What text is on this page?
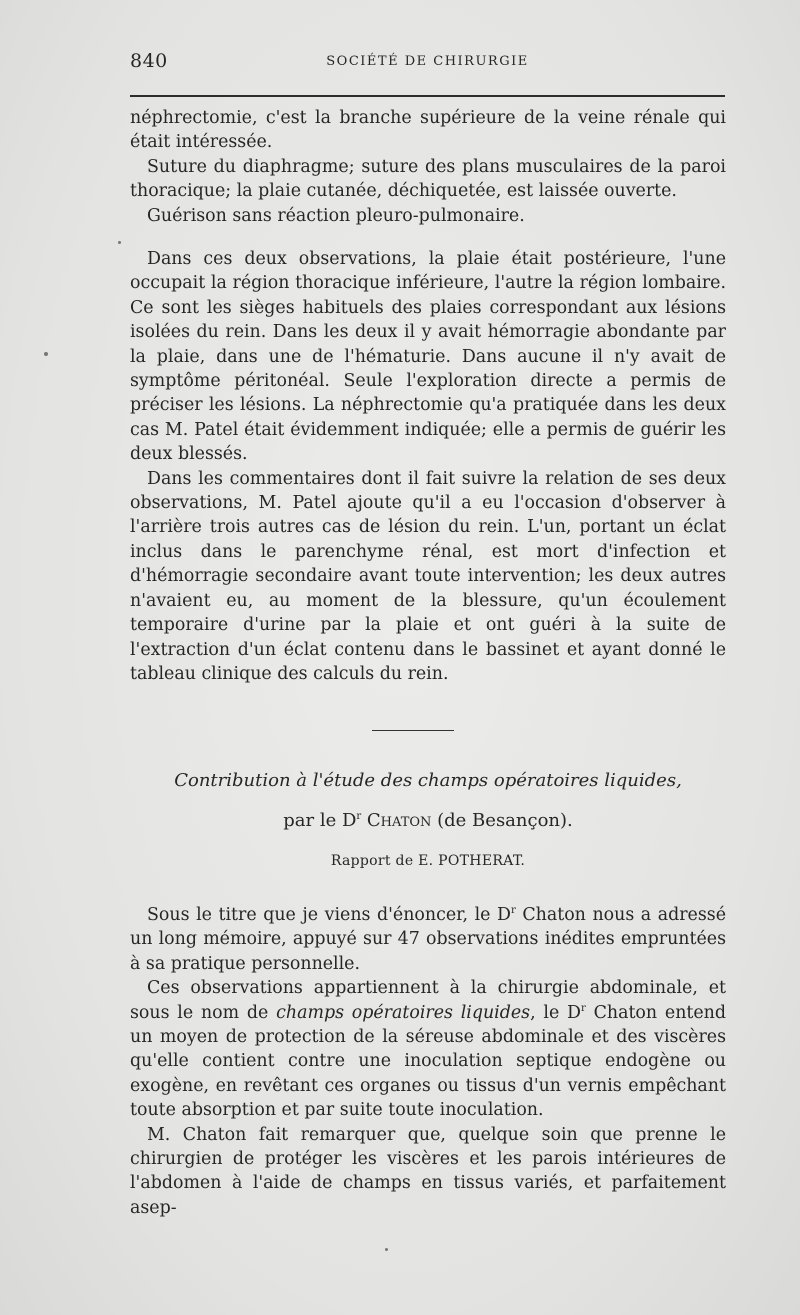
840	SOCIÉTÉ DE CHIRURGIE

néphrectomie, c'est la branche supérieure de la veine rénale qui était intéressée.

Suture du diaphragme; suture des plans musculaires de la paroi thoracique; la plaie cutanée, déchiquetée, est laissée ouverte.

Guérison sans réaction pleuro-pulmonaire.

Dans ces deux observations, la plaie était postérieure, l'une occupait la région thoracique inférieure, l'autre la région lombaire. Ce sont les sièges habituels des plaies correspondant aux lésions isolées du rein. Dans les deux il y avait hémorragie abondante par la plaie, dans une de l'hématurie. Dans aucune il n'y avait de symptôme péritonéal. Seule l'exploration directe a permis de préciser les lésions. La néphrectomie qu'a pratiquée dans les deux cas M. Patel était évidemment indiquée; elle a permis de guérir les deux blessés.

Dans les commentaires dont il fait suivre la relation de ses deux observations, M. Patel ajoute qu'il a eu l'occasion d'observer à l'arrière trois autres cas de lésion du rein. L'un, portant un éclat inclus dans le parenchyme rénal, est mort d'infection et d'hémorragie secondaire avant toute intervention; les deux autres n'avaient eu, au moment de la blessure, qu'un écoulement temporaire d'urine par la plaie et ont guéri à la suite de l'extraction d'un éclat contenu dans le bassinet et ayant donné le tableau clinique des calculs du rein.

Contribution à l'étude des champs opératoires liquides,
par le $D^r$ Chaton (de Besançon).
Rapport de E. POTHERAT.

Sous le titre que je viens d'énoncer, le $D^r$ Chaton nous a adressé un long mémoire, appuyé sur 47 observations inédites empruntées à sa pratique personnelle.

Ces observations appartiennent à la chirurgie abdominale, et sous le nom de champs opératoires liquides, le $D^r$ Chaton entend un moyen de protection de la séreuse abdominale et des viscères qu'elle contient contre une inoculation septique endogène ou exogène, en revêtant ces organes ou tissus d'un vernis empêchant toute absorption et par suite toute inoculation.

M. Chaton fait remarquer que, quelque soin que prenne le chirurgien de protéger les viscères et les parois intérieures de l'abdomen à l'aide de champs en tissus variés, et parfaitement asep-
